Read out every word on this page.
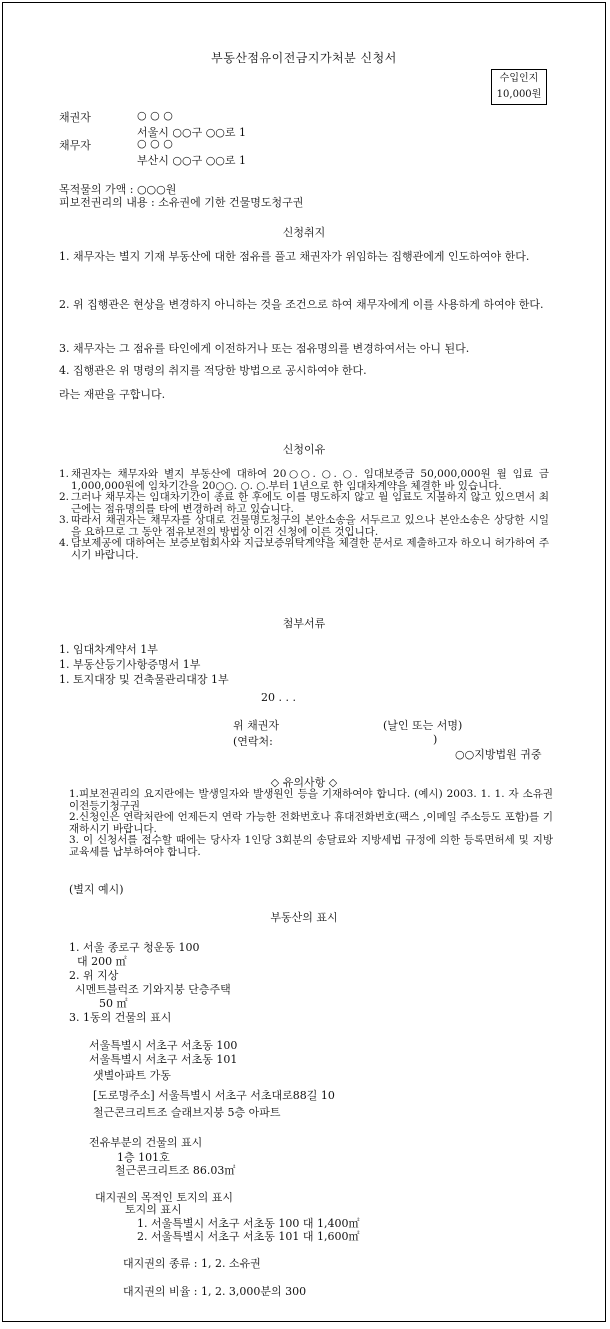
부동산점유이전금지가처분 신청서
수입인지
10,000원
채권자	○ ○ ○
서울시 ○○구 ○○로 1
채무자	○ ○ ○
부산시 ○○구 ○○로 1
목적물의 가액 : ○○○원
피보전권리의 내용 : 소유권에 기한 건물명도청구권
신청취지
1. 채무자는 별지 기재 부동산에 대한 점유를 풀고 채권자가 위임하는 집행관에게 인도하여야 한다.
2. 위 집행관은 현상을 변경하지 아니하는 것을 조건으로 하여 채무자에게 이를 사용하게 하여야 한다.
3. 채무자는 그 점유를 타인에게 이전하거나 또는 점유명의를 변경하여서는 아니 된다.
4. 집행관은 위 명령의 취지를 적당한 방법으로 공시하여야 한다.
라는 재판을 구합니다.
신청이유
1. 채권자는 채무자와 별지 부동산에 대하여 20○○. ○. ○. 임대보증금 50,000,000원 월 임료 금 1,000,000원에 임차기간을 20○○. ○. ○.부터 1년으로 한 임대차계약을 체결한 바 있습니다.
2. 그러나 채무자는 임대차기간이 종료 한 후에도 이를 명도하지 않고 월 임료도 지불하지 않고 있으면서 최근에는 점유명의를 타에 변경하려 하고 있습니다.
3. 따라서 채권자는 채무자를 상대로 건물명도청구의 본안소송을 서두르고 있으나 본안소송은 상당한 시일을 요하므로 그 동안 점유보전의 방법상 이건 신청에 이른 것입니다.
4. 담보제공에 대하여는 보증보험회사와 지급보증위탁계약을 체결한 문서로 제출하고자 하오니 허가하여 주시기 바랍니다.
첨부서류
1. 임대차계약서 1부
1. 부동산등기사항증명서 1부
1. 토지대장 및 건축물관리대장 1부
20 . . .
위 채권자	(날인 또는 서명)
(연락처:	)
○○지방법원 귀중
◇ 유의사항 ◇
1.피보전권리의 요지란에는 발생일자와 발생원인 등을 기재하여야 합니다. (예시) 2003. 1. 1. 자 소유권이전등기청구권
2.신청인은 연락처란에 언제든지 연락 가능한 전화번호나 휴대전화번호(팩스 ,이메일 주소등도 포함)를 기재하시기 바랍니다.
3. 이 신청서를 접수할 때에는 당사자 1인당 3회분의 송달료와 지방세법 규정에 의한 등록면허세 및 지방교육세를 납부하여야 합니다.
(별지 예시)
부동산의 표시
1. 서울 종로구 청운동 100
대 200 ㎡
2. 위 지상
시멘트블럭조 기와지붕 단층주택
50 ㎡
3. 1동의 건물의 표시
서울특별시 서초구 서초동 100
서울특별시 서초구 서초동 101
샛별아파트 가동
[도로명주소] 서울특별시 서초구 서초대로88길 10
철근콘크리트조 슬래브지붕 5층 아파트
전유부분의 건물의 표시
1층 101호
철근콘크리트조 86.03㎡
대지권의 목적인 토지의 표시
토지의 표시
1. 서울특별시 서초구 서초동 100 대 1,400㎡
2. 서울특별시 서초구 서초동 101 대 1,600㎡
대지권의 종류 : 1, 2. 소유권
대지권의 비율 : 1, 2. 3,000분의 300
